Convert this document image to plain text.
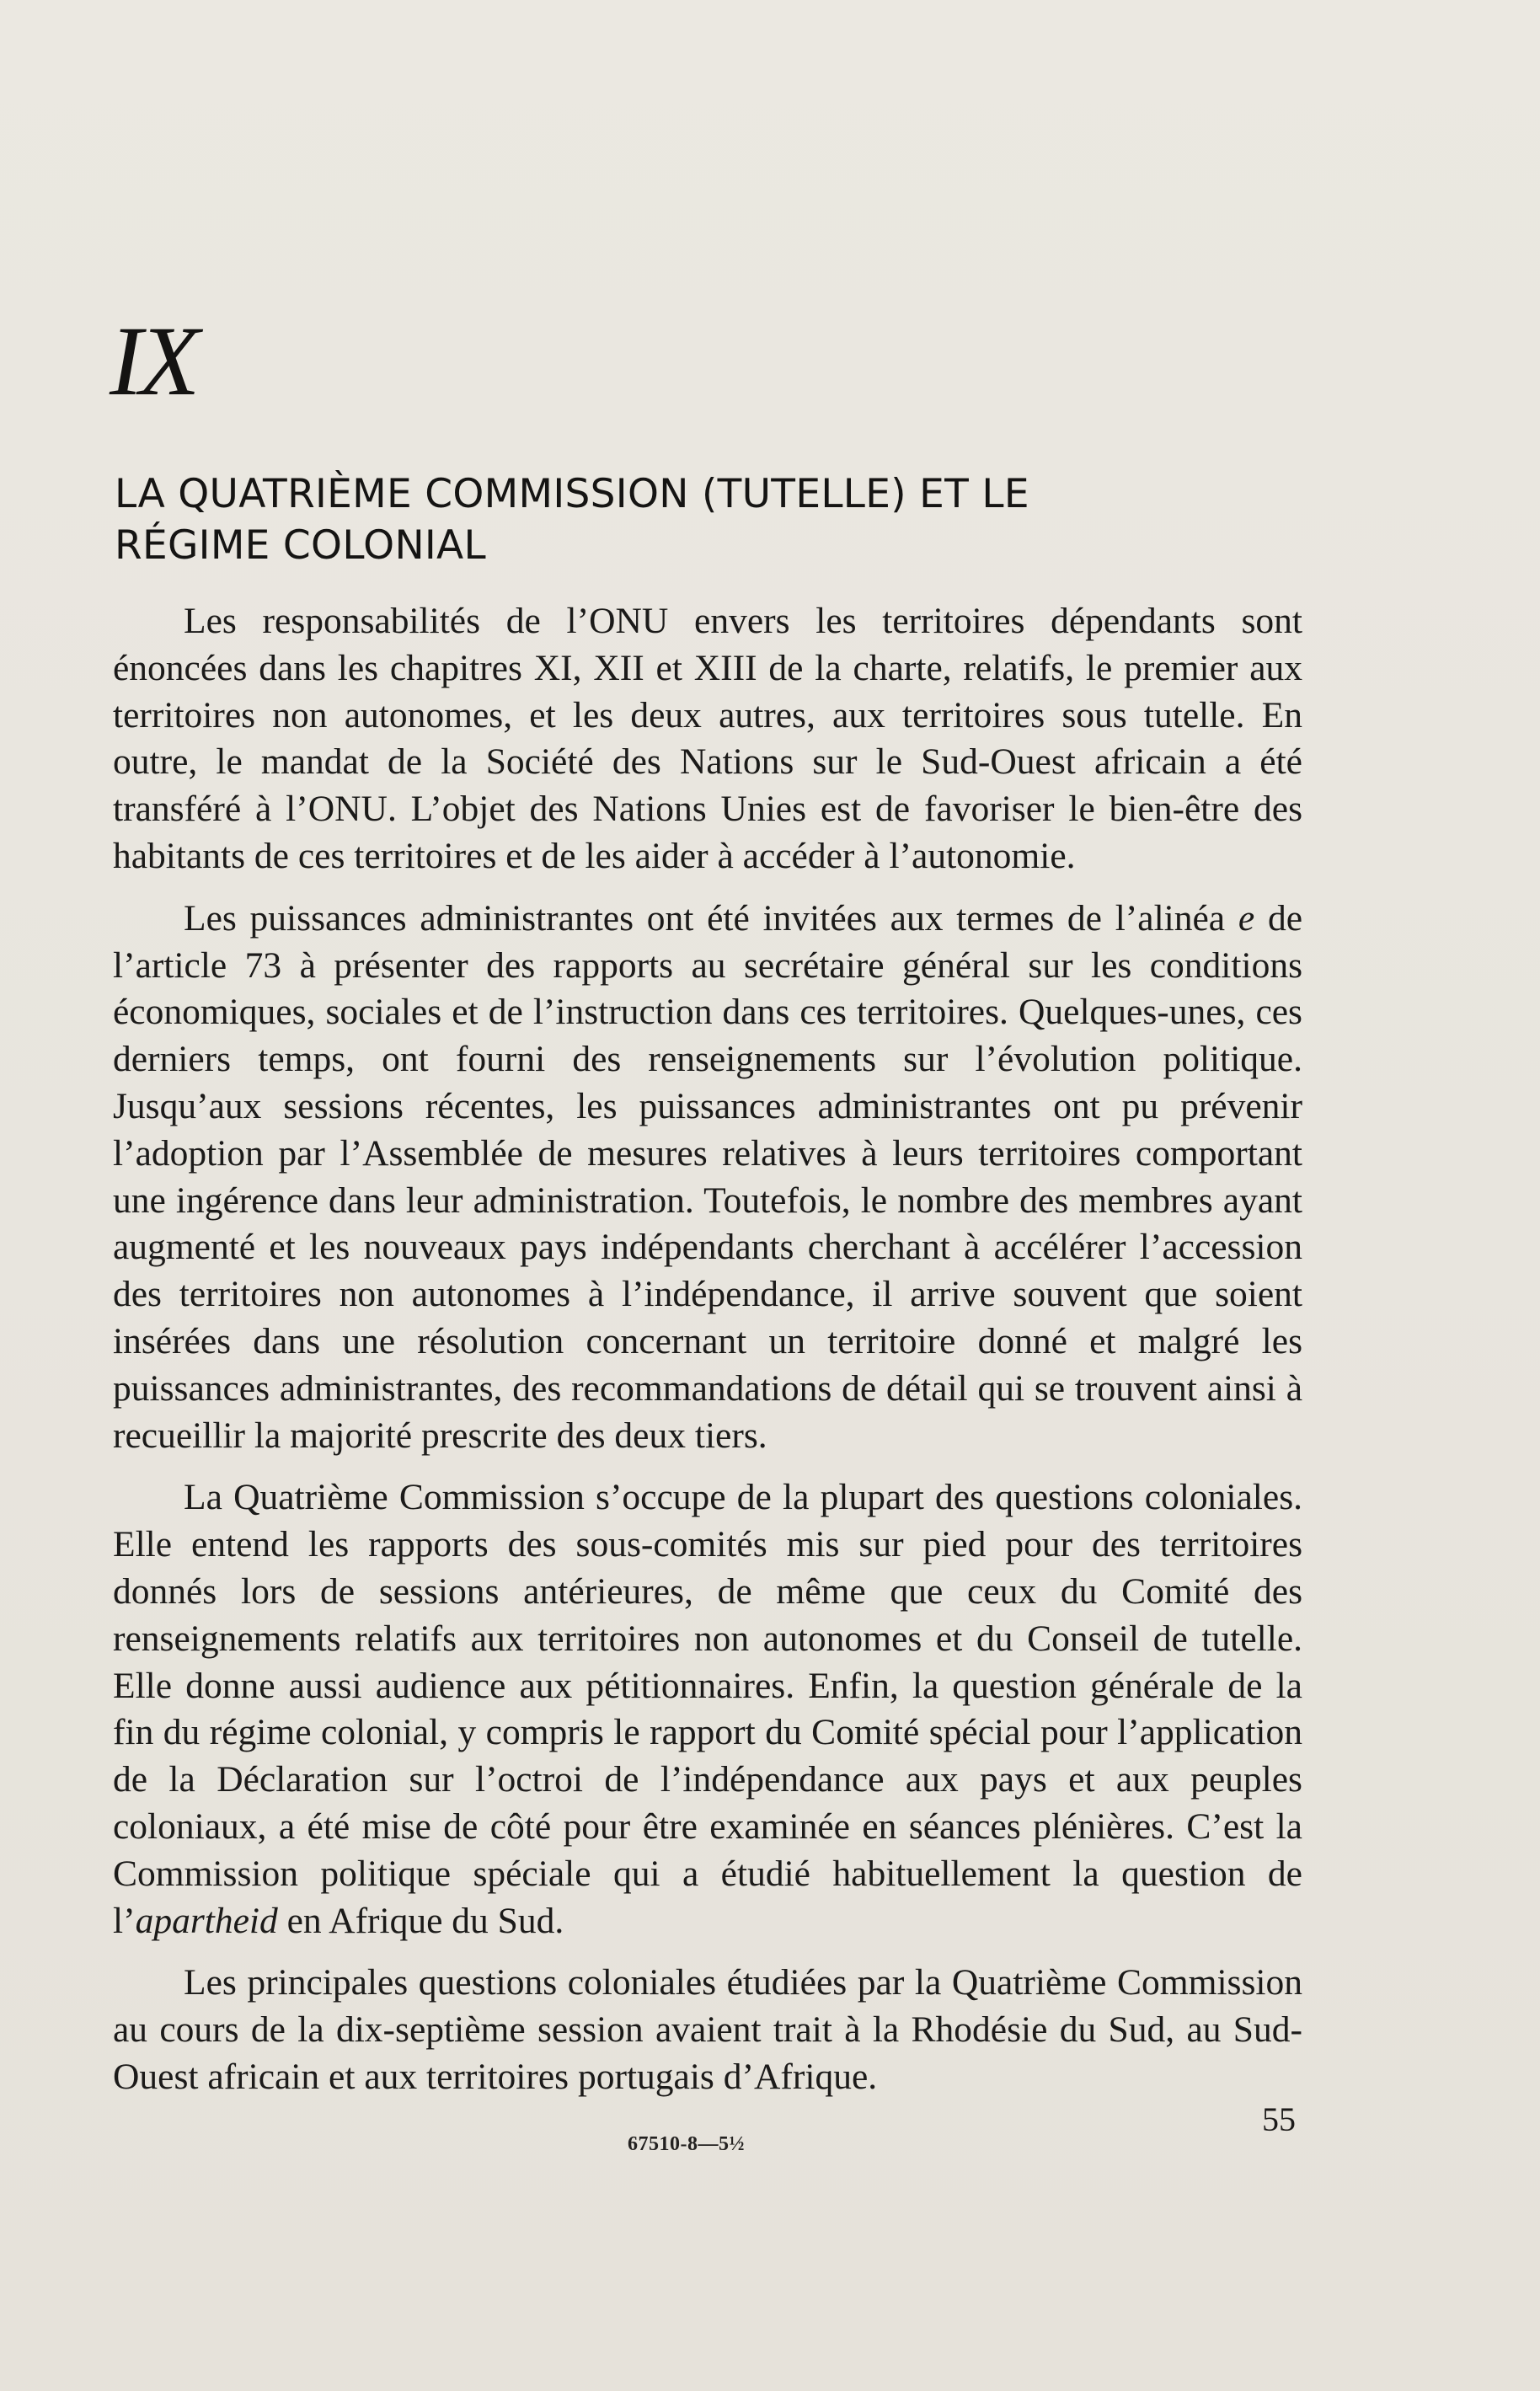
IX
LA QUATRIÈME COMMISSION (TUTELLE) ET LE
RÉGIME COLONIAL

Les responsabilités de l’ONU envers les territoires dépendants sont énoncées dans les chapitres XI, XII et XIII de la charte, relatifs, le premier aux territoires non autonomes, et les deux autres, aux territoires sous tutelle. En outre, le mandat de la Société des Nations sur le Sud-Ouest africain a été transféré à l’ONU. L’objet des Nations Unies est de favoriser le bien-être des habitants de ces territoires et de les aider à accéder à l’autonomie.

Les puissances administrantes ont été invitées aux termes de l’alinéa e de l’article 73 à présenter des rapports au secrétaire général sur les conditions économiques, sociales et de l’instruction dans ces territoires. Quelques-unes, ces derniers temps, ont fourni des renseignements sur l’évolution politique. Jusqu’aux sessions récentes, les puissances administrantes ont pu prévenir l’adoption par l’Assemblée de mesures relatives à leurs territoires comportant une ingérence dans leur administration. Toutefois, le nombre des membres ayant augmenté et les nouveaux pays indépendants cherchant à accélérer l’accession des territoires non autonomes à l’indépendance, il arrive souvent que soient insérées dans une résolution concernant un territoire donné et malgré les puissances administrantes, des recommandations de détail qui se trouvent ainsi à recueillir la majorité prescrite des deux tiers.

La Quatrième Commission s’occupe de la plupart des questions coloniales. Elle entend les rapports des sous-comités mis sur pied pour des territoires donnés lors de sessions antérieures, de même que ceux du Comité des renseignements relatifs aux territoires non autonomes et du Conseil de tutelle. Elle donne aussi audience aux pétitionnaires. Enfin, la question générale de la fin du régime colonial, y compris le rapport du Comité spécial pour l’application de la Déclaration sur l’octroi de l’indépendance aux pays et aux peuples coloniaux, a été mise de côté pour être examinée en séances plénières. C’est la Commission politique spéciale qui a étudié habituellement la question de l’apartheid en Afrique du Sud.

Les principales questions coloniales étudiées par la Quatrième Commission au cours de la dix-septième session avaient trait à la Rhodésie du Sud, au Sud-Ouest africain et aux territoires portugais d’Afrique.

55
67510-8—5½
